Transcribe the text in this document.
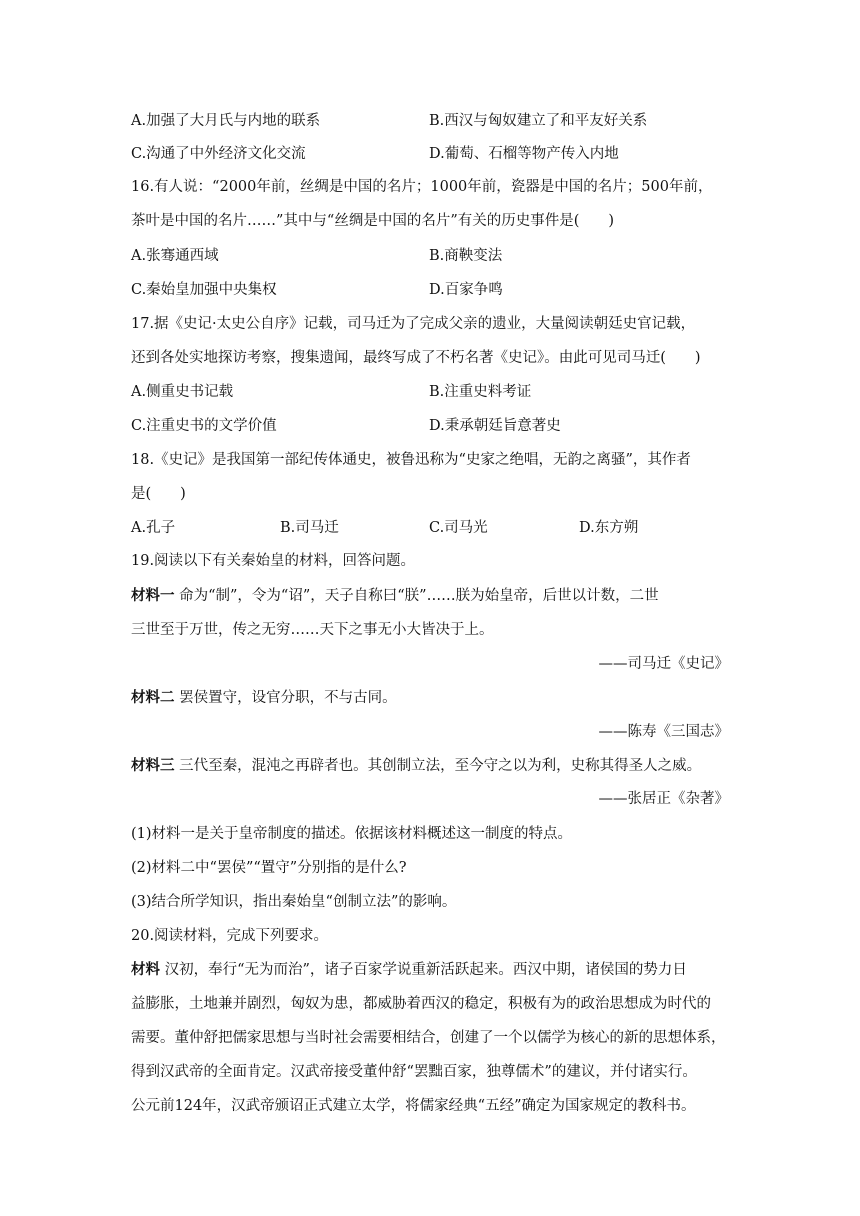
A.加强了大月氏与内地的联系	B.西汉与匈奴建立了和平友好关系
C.沟通了中外经济文化交流	D.葡萄、石榴等物产传入内地
16.有人说：“2000年前，丝绸是中国的名片；1000年前，瓷器是中国的名片；500年前，
茶叶是中国的名片……”其中与“丝绸是中国的名片”有关的历史事件是(　　)
A.张骞通西域	B.商鞅变法
C.秦始皇加强中央集权	D.百家争鸣
17.据《史记·太史公自序》记载，司马迁为了完成父亲的遗业，大量阅读朝廷史官记载，
还到各处实地探访考察，搜集遗闻，最终写成了不朽名著《史记》。由此可见司马迁(　　)
A.侧重史书记载	B.注重史料考证
C.注重史书的文学价值	D.秉承朝廷旨意著史
18.《史记》是我国第一部纪传体通史，被鲁迅称为“史家之绝唱，无韵之离骚”，其作者
是(　　)
A.孔子	B.司马迁	C.司马光	D.东方朔
19.阅读以下有关秦始皇的材料，回答问题。
材料一 命为“制”，令为“诏”，天子自称曰“朕”……朕为始皇帝，后世以计数，二世
三世至于万世，传之无穷……天下之事无小大皆决于上。
——司马迁《史记》
材料二 罢侯置守，设官分职，不与古同。
——陈寿《三国志》
材料三 三代至秦，混沌之再辟者也。其创制立法，至今守之以为利，史称其得圣人之威。
——张居正《杂著》
(1)材料一是关于皇帝制度的描述。依据该材料概述这一制度的特点。
(2)材料二中“罢侯”“置守”分别指的是什么?
(3)结合所学知识，指出秦始皇“创制立法”的影响。
20.阅读材料，完成下列要求。
材料 汉初，奉行“无为而治”，诸子百家学说重新活跃起来。西汉中期，诸侯国的势力日
益膨胀，土地兼并剧烈，匈奴为患，都威胁着西汉的稳定，积极有为的政治思想成为时代的
需要。董仲舒把儒家思想与当时社会需要相结合，创建了一个以儒学为核心的新的思想体系，
得到汉武帝的全面肯定。汉武帝接受董仲舒“罢黜百家，独尊儒术”的建议，并付诸实行。
公元前124年，汉武帝颁诏正式建立太学，将儒家经典“五经”确定为国家规定的教科书。
